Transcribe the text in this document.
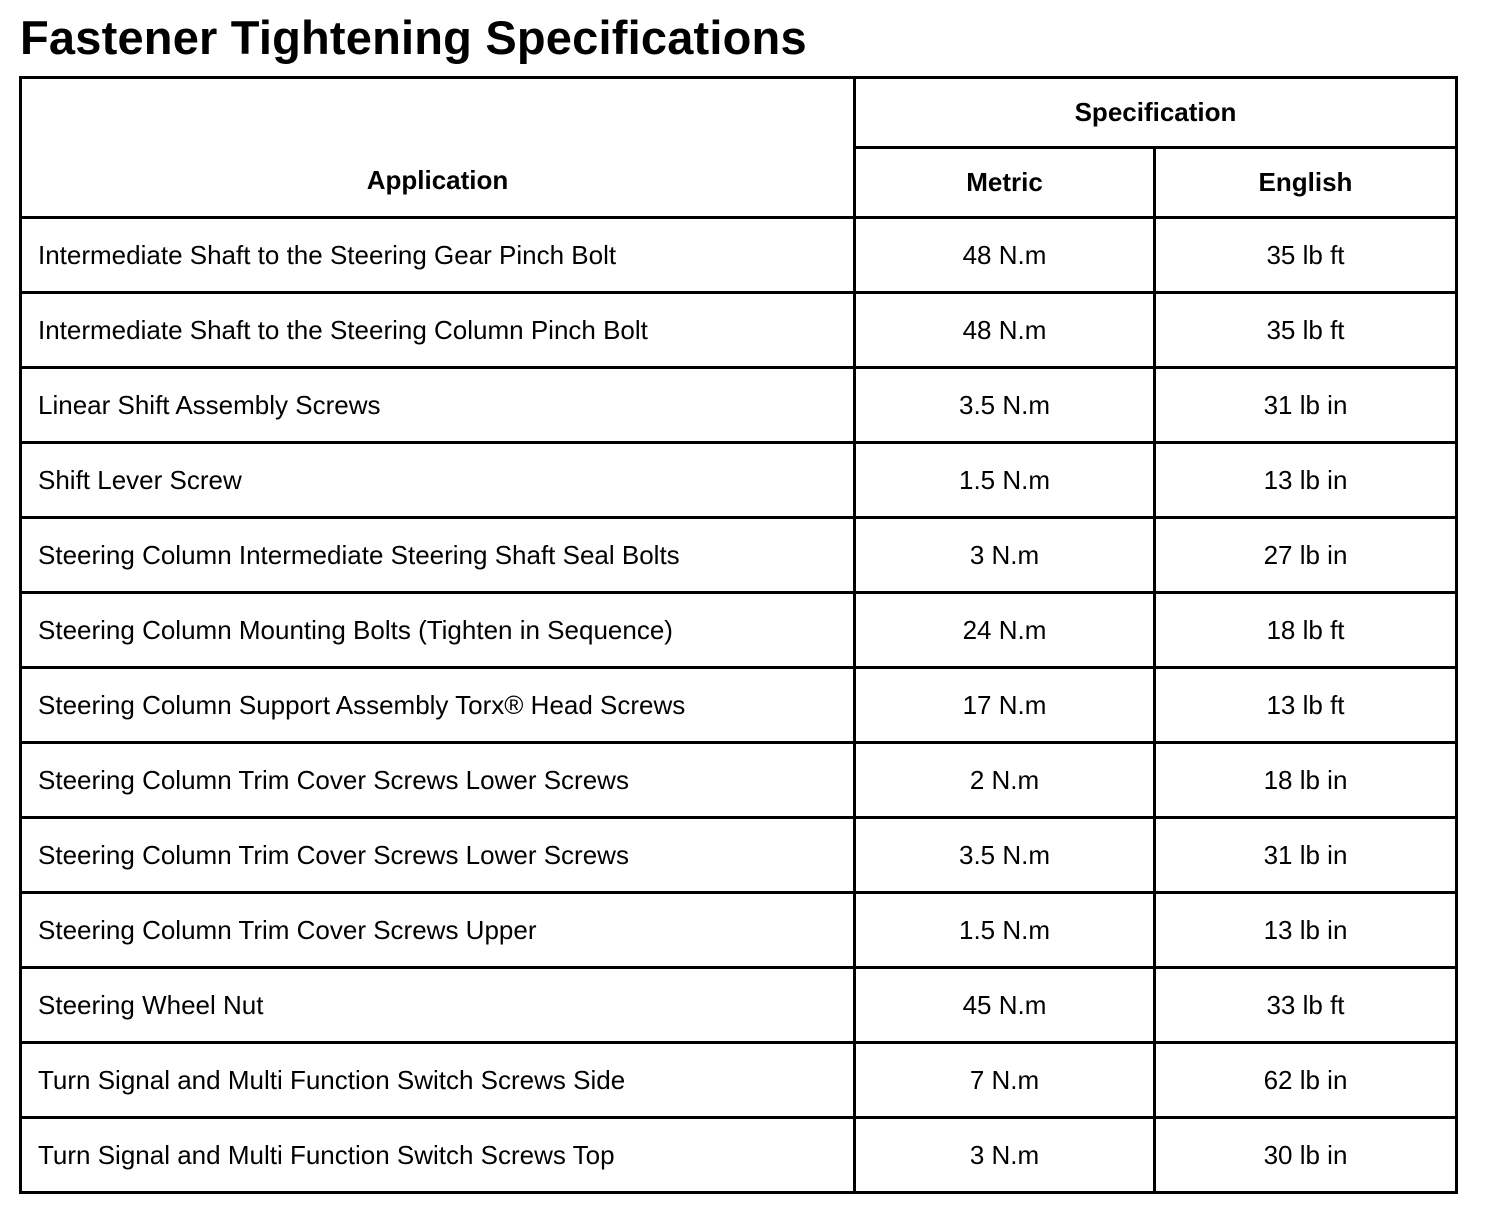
Fastener Tightening Specifications
Application	Specification	
	Metric	English
Intermediate Shaft to the Steering Gear Pinch Bolt	48 N.m	35 lb ft
Intermediate Shaft to the Steering Column Pinch Bolt	48 N.m	35 lb ft
Linear Shift Assembly Screws	3.5 N.m	31 lb in
Shift Lever Screw	1.5 N.m	13 lb in
Steering Column Intermediate Steering Shaft Seal Bolts	3 N.m	27 lb in
Steering Column Mounting Bolts (Tighten in Sequence)	24 N.m	18 lb ft
Steering Column Support Assembly Torx® Head Screws	17 N.m	13 lb ft
Steering Column Trim Cover Screws Lower Screws	2 N.m	18 lb in
Steering Column Trim Cover Screws Lower Screws	3.5 N.m	31 lb in
Steering Column Trim Cover Screws Upper	1.5 N.m	13 lb in
Steering Wheel Nut	45 N.m	33 lb ft
Turn Signal and Multi Function Switch Screws Side	7 N.m	62 lb in
Turn Signal and Multi Function Switch Screws Top	3 N.m	30 lb in
